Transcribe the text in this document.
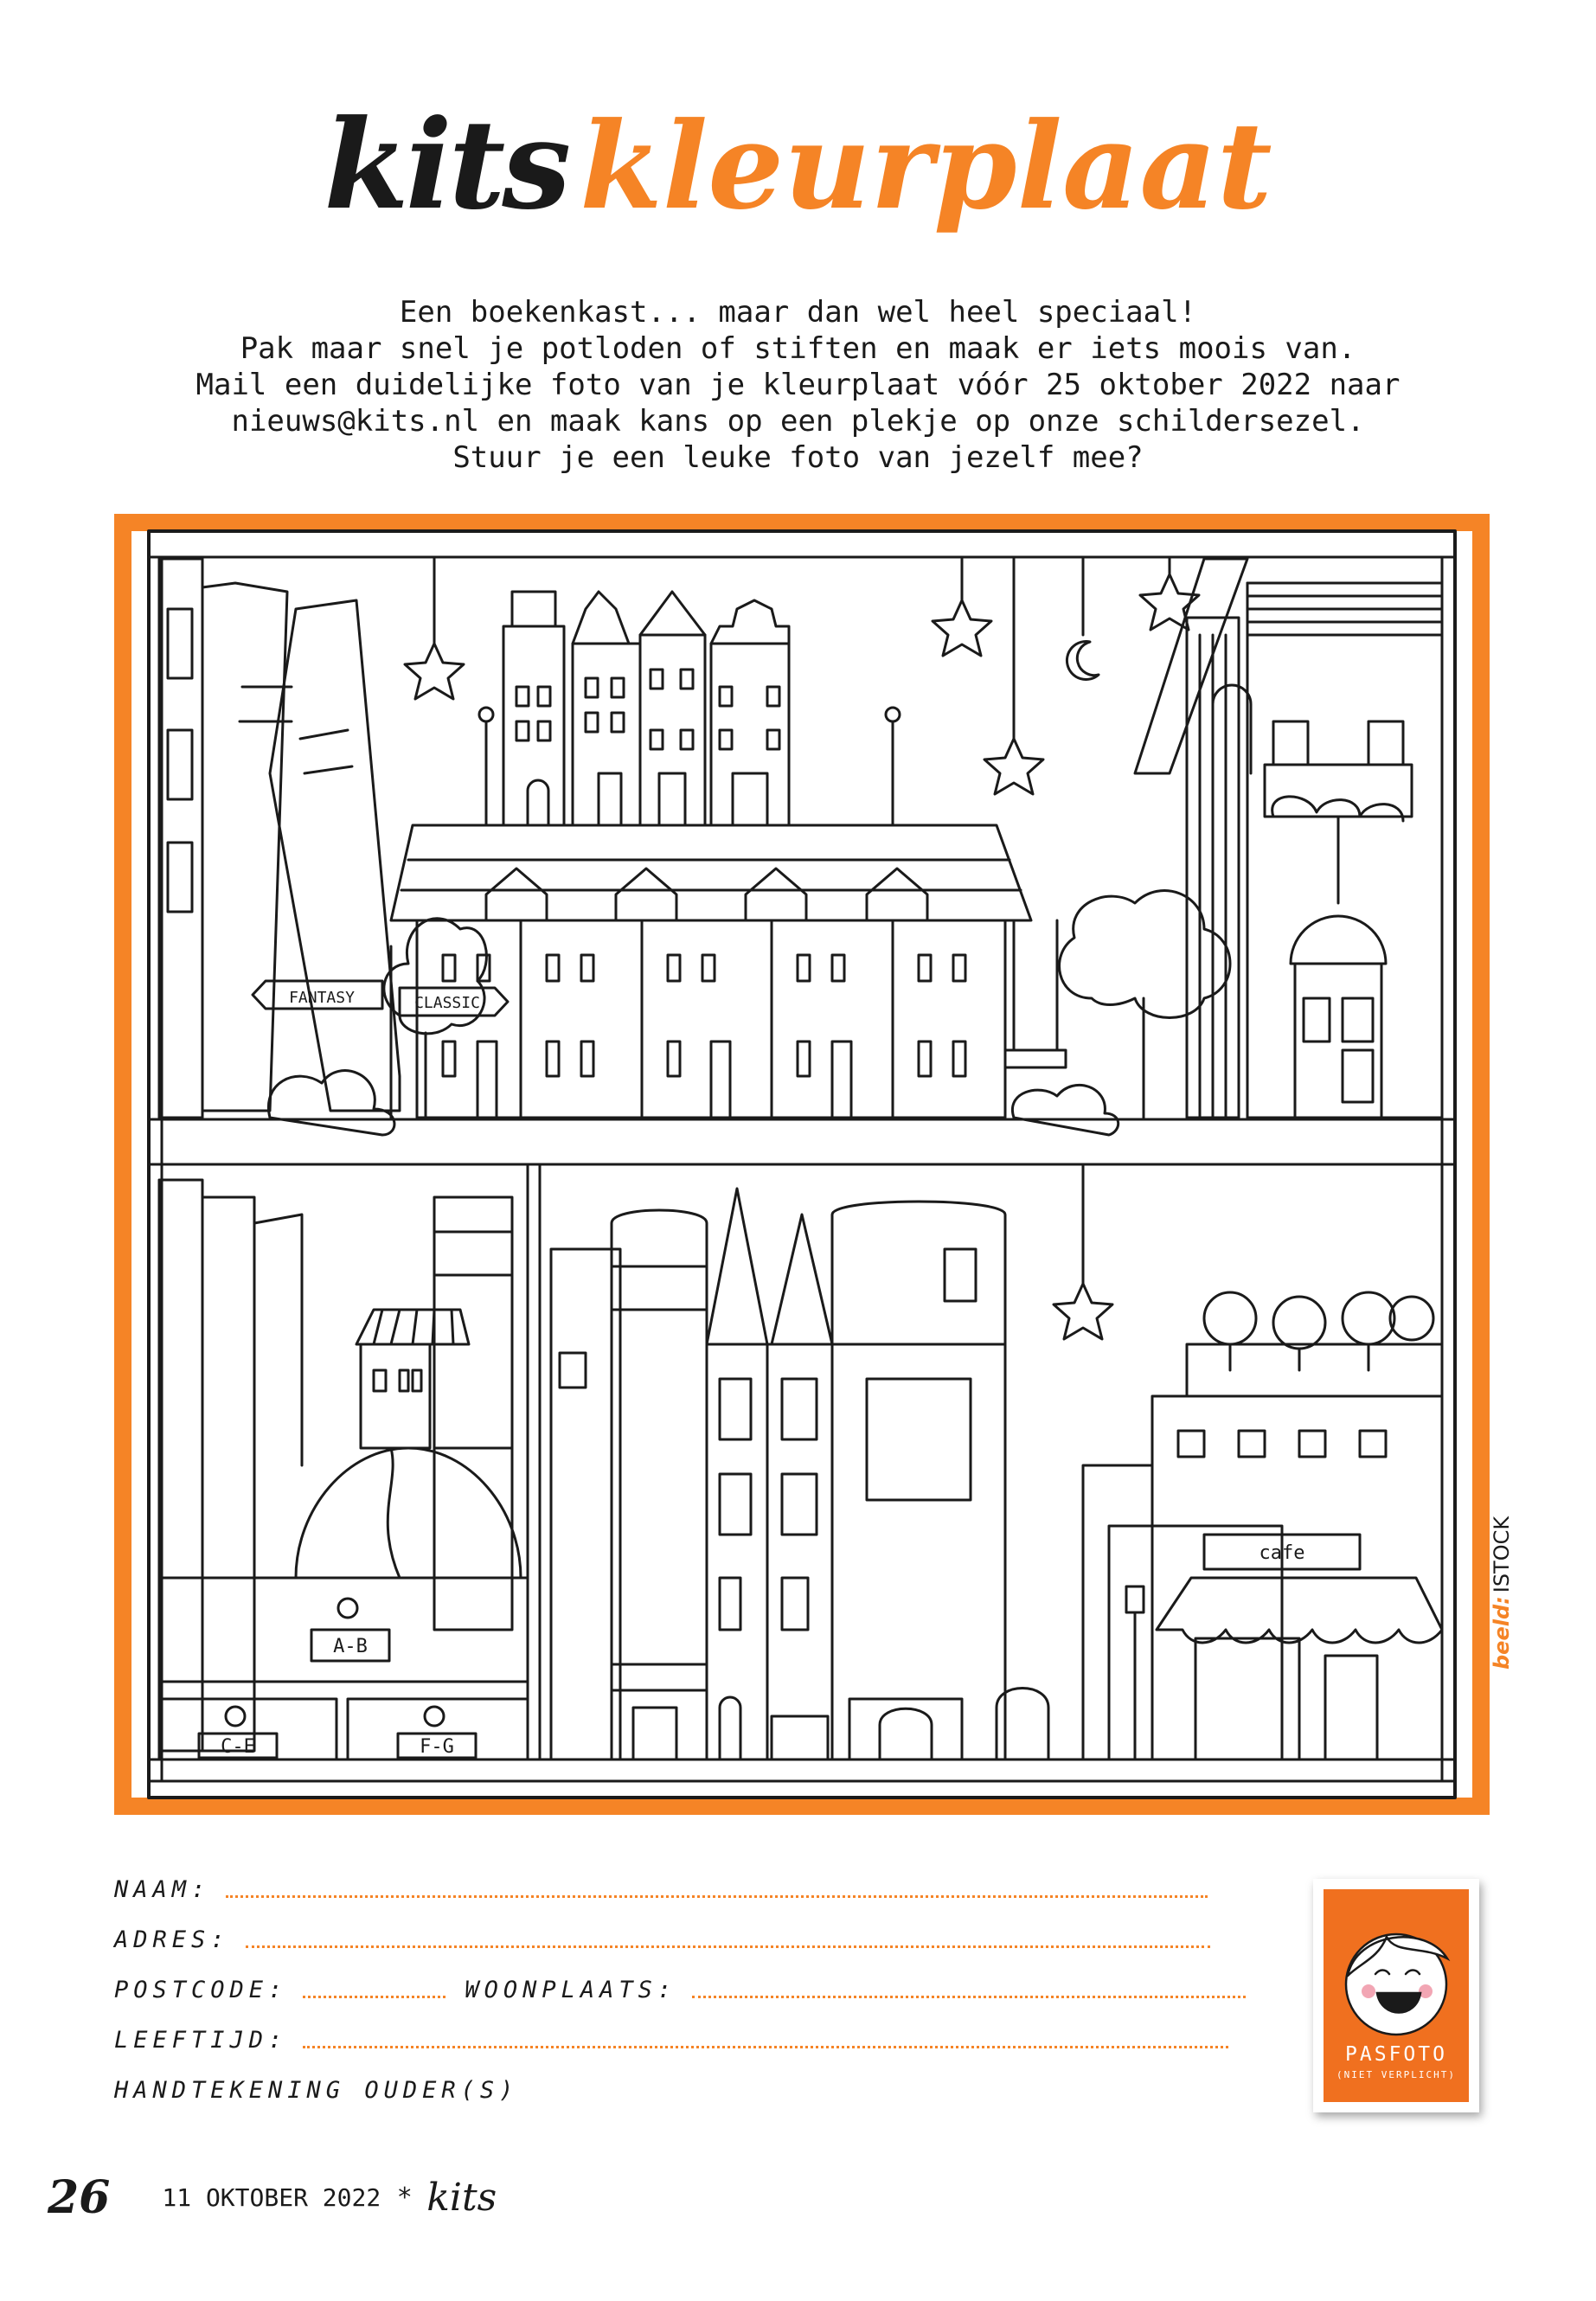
kits kleurplaat
Een boekenkast... maar dan wel heel speciaal!
Pak maar snel je potloden of stiften en maak er iets moois van.
Mail een duidelijke foto van je kleurplaat vóór 25 oktober 2022 naar
nieuws@kits.nl en maak kans op een plekje op onze schildersezel.
Stuur je een leuke foto van jezelf mee?
FANTASY	CLASSIC
A-B
C-E	F-G
cafe
beeld:ISTOCK
NAAM:
ADRES:
POSTCODE:	WOONPLAATS:
LEEFTIJD:
HANDTEKENING OUDER(S)
PASFOTO
(NIET VERPLICHT)
26 11 OKTOBER 2022 * kits
